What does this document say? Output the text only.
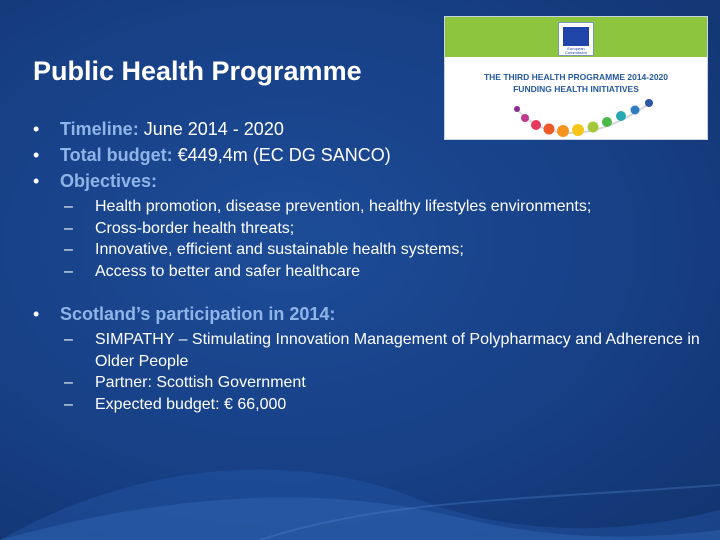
Public Health Programme
European Commission
THE THIRD HEALTH PROGRAMME 2014-2020
FUNDING HEALTH INITIATIVES
• Timeline: June 2014 - 2020
• Total budget: €449,4m (EC DG SANCO)
• Objectives:
– Health promotion, disease prevention, healthy lifestyles environments;
– Cross-border health threats;
– Innovative, efficient and sustainable health systems;
– Access to better and safer healthcare
• Scotland’s participation in 2014:
– SIMPATHY – Stimulating Innovation Management of Polypharmacy and Adherence in Older People
– Partner: Scottish Government
– Expected budget: € 66,000
